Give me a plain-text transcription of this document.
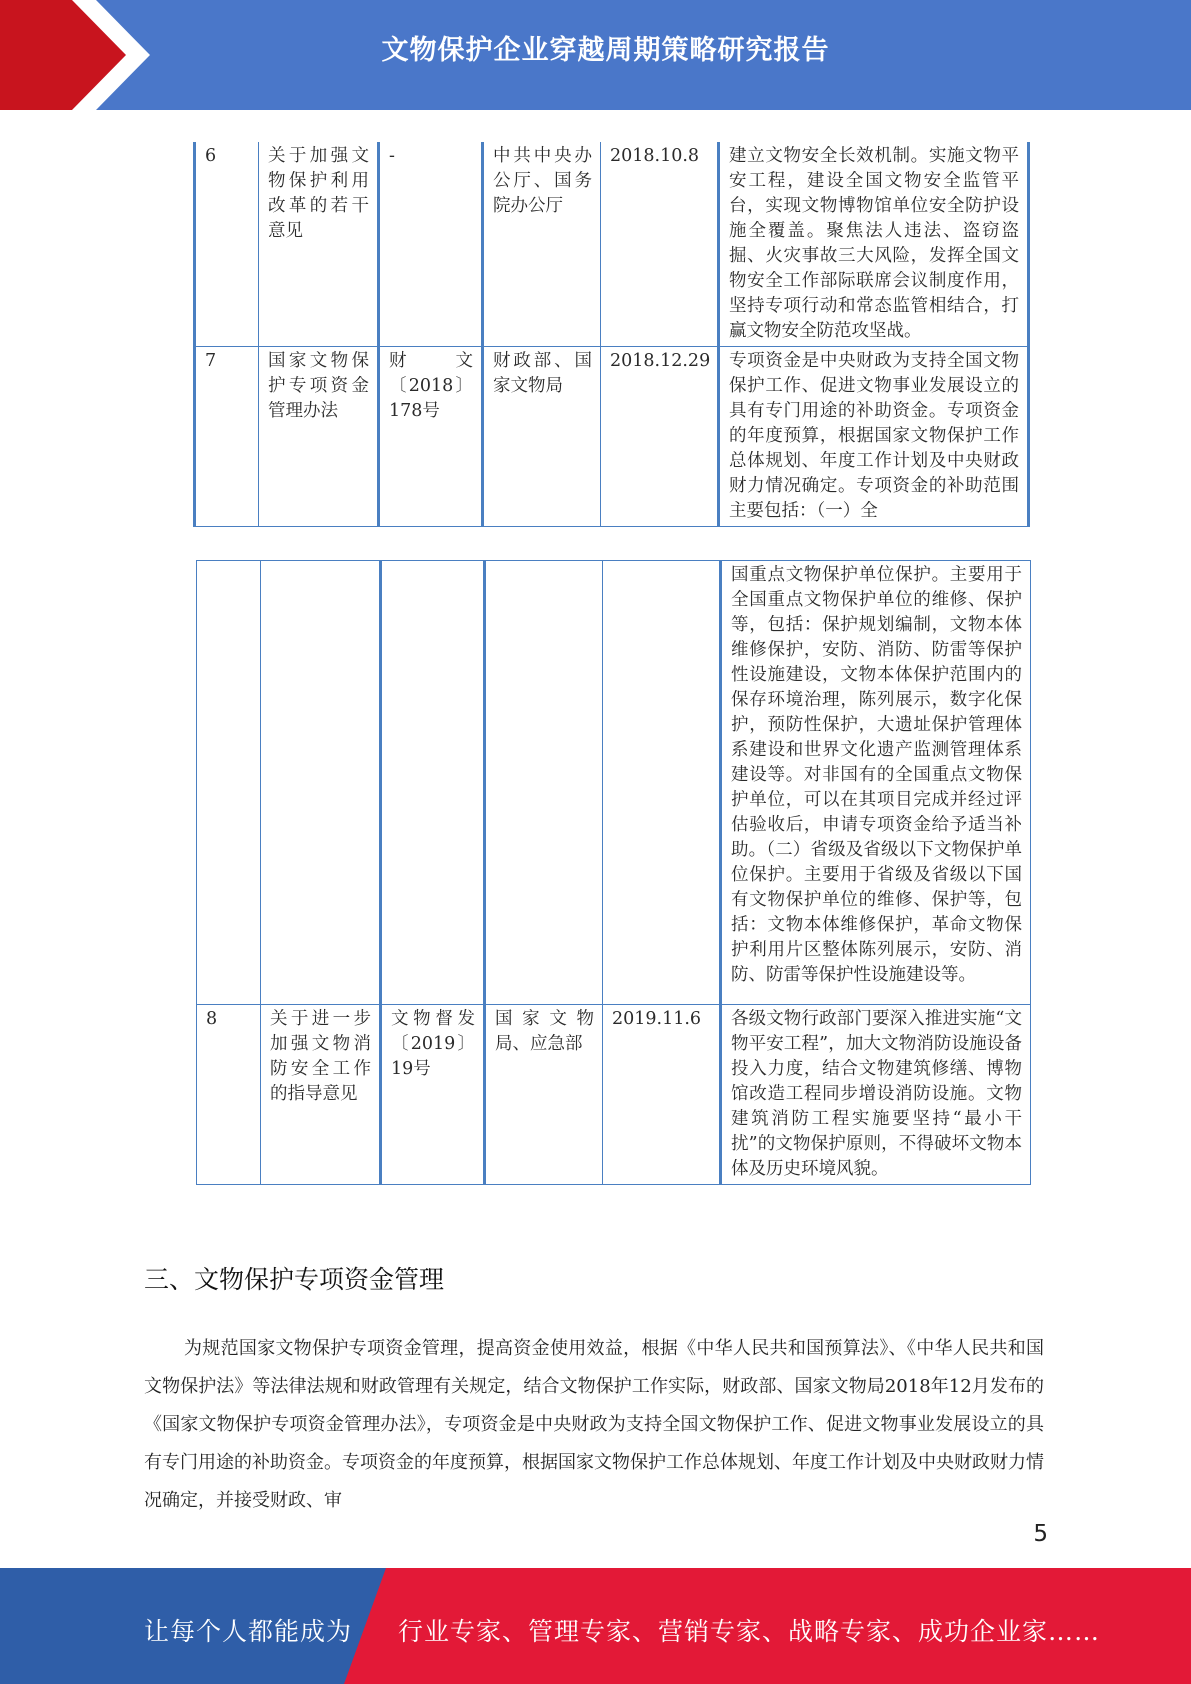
文物保护企业穿越周期策略研究报告
6	关于加强文物保护利用改革的若干意见	-	中共中央办公厅、国务院办公厅	2018.10.8	建立文物安全长效机制。实施文物平安工程，建设全国文物安全监管平台，实现文物博物馆单位安全防护设施全覆盖。聚焦法人违法、盗窃盗掘、火灾事故三大风险，发挥全国文物安全工作部际联席会议制度作用，坚持专项行动和常态监管相结合，打赢文物安全防范攻坚战。
7	国家文物保护专项资金管理办法	财 文〔2018〕178号	财政部、国家文物局	2018.12.29	专项资金是中央财政为支持全国文物保护工作、促进文物事业发展设立的具有专门用途的补助资金。专项资金的年度预算，根据国家文物保护工作总体规划、年度工作计划及中央财政财力情况确定。专项资金的补助范围主要包括：（一）全
					国重点文物保护单位保护。主要用于全国重点文物保护单位的维修、保护等，包括：保护规划编制，文物本体维修保护，安防、消防、防雷等保护性设施建设，文物本体保护范围内的保存环境治理，陈列展示，数字化保护，预防性保护，大遗址保护管理体系建设和世界文化遗产监测管理体系建设等。对非国有的全国重点文物保护单位，可以在其项目完成并经过评估验收后，申请专项资金给予适当补助。（二）省级及省级以下文物保护单位保护。主要用于省级及省级以下国有文物保护单位的维修、保护等，包括：文物本体维修保护，革命文物保护利用片区整体陈列展示，安防、消防、防雷等保护性设施建设等。
8	关于进一步加强文物消防安全工作的指导意见	文物督发〔2019〕19号	国 家 文 物 局、应急部	2019.11.6	各级文物行政部门要深入推进实施“文物平安工程”，加大文物消防设施设备投入力度，结合文物建筑修缮、博物馆改造工程同步增设消防设施。文物建筑消防工程实施要坚持“最小干扰”的文物保护原则，不得破坏文物本体及历史环境风貌。
三、文物保护专项资金管理
为规范国家文物保护专项资金管理，提高资金使用效益，根据《中华人民共和国预算法》、《中华人民共和国文物保护法》等法律法规和财政管理有关规定，结合文物保护工作实际，财政部、国家文物局2018年12月发布的《国家文物保护专项资金管理办法》，专项资金是中央财政为支持全国文物保护工作、促进文物事业发展设立的具有专门用途的补助资金。专项资金的年度预算，根据国家文物保护工作总体规划、年度工作计划及中央财政财力情况确定，并接受财政、审
5
让每个人都能成为 行业专家、管理专家、营销专家、战略专家、成功企业家……
